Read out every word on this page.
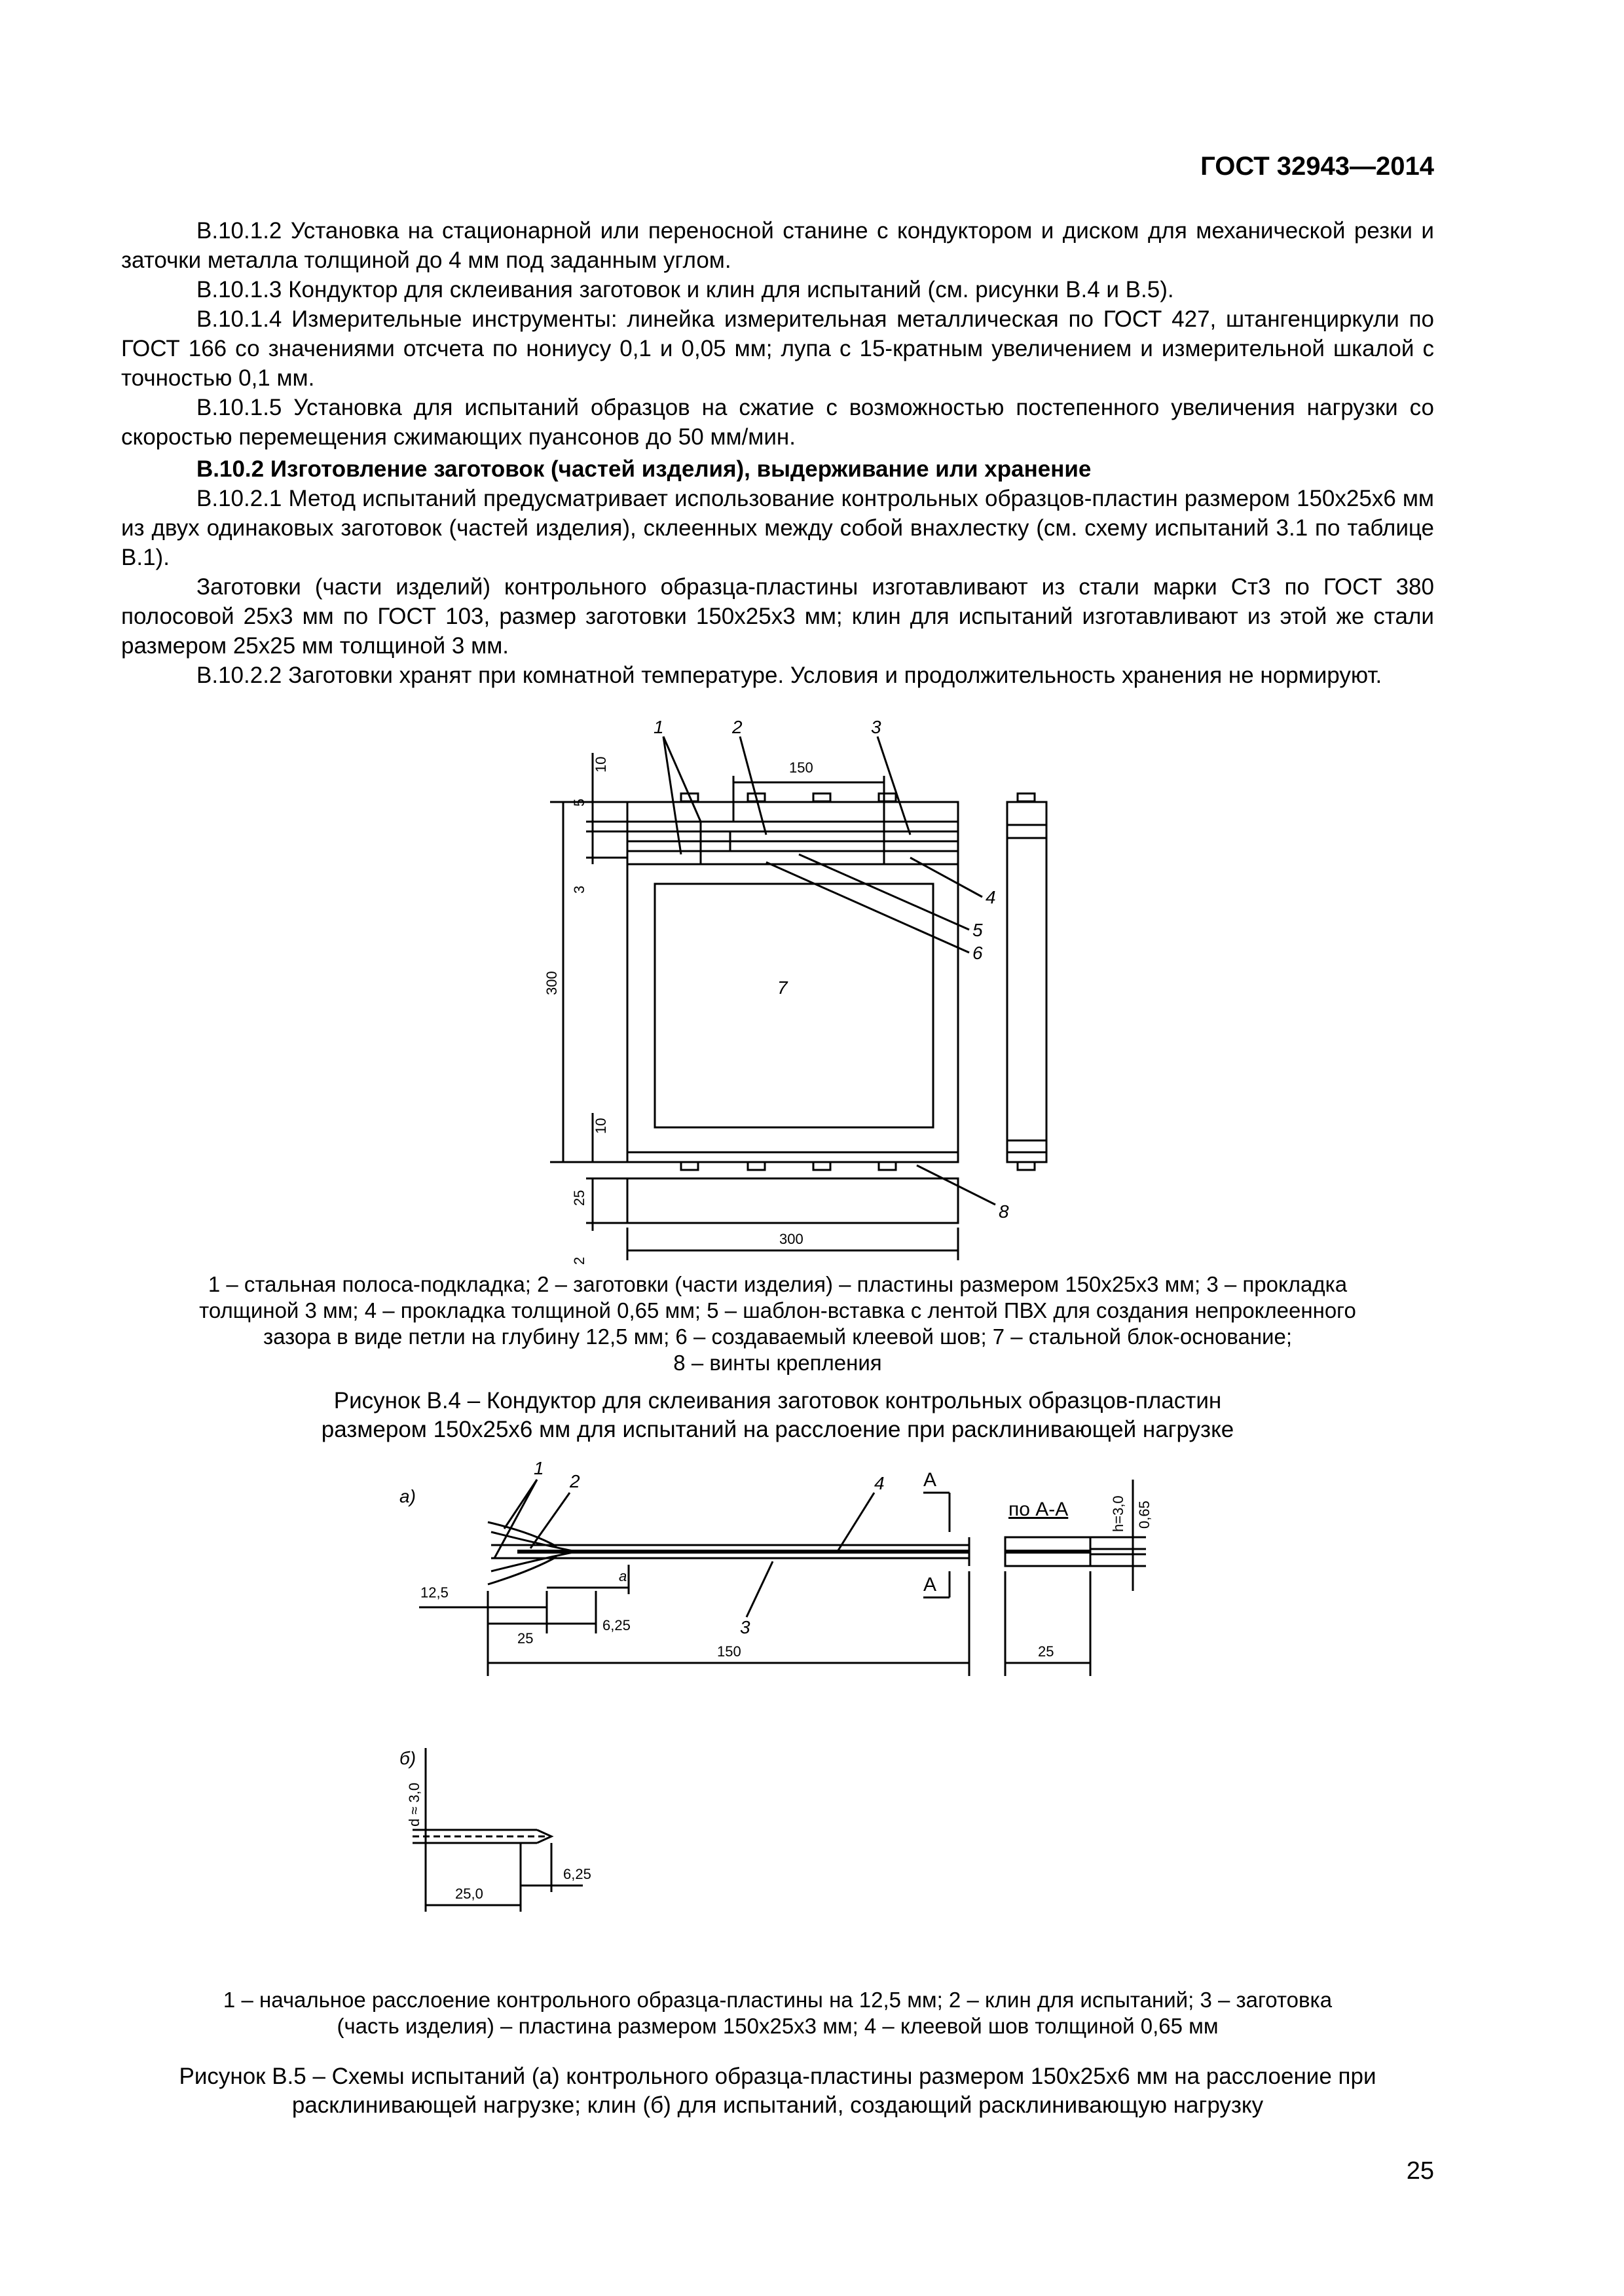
ГОСТ 32943—2014

В.10.1.2 Установка на стационарной или переносной станине с кондуктором и диском для механической резки и заточки металла толщиной до 4 мм под заданным углом.

В.10.1.3 Кондуктор для склеивания заготовок и клин для испытаний (см. рисунки В.4 и В.5).

В.10.1.4 Измерительные инструменты: линейка измерительная металлическая по ГОСТ 427, штангенциркули по ГОСТ 166 со значениями отсчета по нониусу 0,1 и 0,05 мм; лупа с 15-кратным увеличением и измерительной шкалой с точностью 0,1 мм.

В.10.1.5 Установка для испытаний образцов на сжатие с возможностью постепенного увеличения нагрузки со скоростью перемещения сжимающих пуансонов до 50 мм/мин.

В.10.2 Изготовление заготовок (частей изделия), выдерживание или хранение

В.10.2.1 Метод испытаний предусматривает использование контрольных образцов-пластин размером 150х25х6 мм из двух одинаковых заготовок (частей изделия), склеенных между собой внахлестку (см. схему испытаний 3.1 по таблице В.1).

Заготовки (части изделий) контрольного образца-пластины изготавливают из стали марки Ст3 по ГОСТ 380 полосовой 25х3 мм по ГОСТ 103, размер заготовки 150х25х3 мм; клин для испытаний изготавливают из этой же стали размером 25х25 мм толщиной 3 мм.

В.10.2.2 Заготовки хранят при комнатной температуре. Условия и продолжительность хранения не нормируют.

1	2	3
4
5
6
7
8
150
10
5
3
300
10
25
2
300
1 – стальная полоса-подкладка; 2 – заготовки (части изделия) – пластины размером 150х25х3 мм; 3 – прокладка
толщиной 3 мм; 4 – прокладка толщиной 0,65 мм; 5 – шаблон-вставка с лентой ПВХ для создания непроклеенного
зазора в виде петли на глубину 12,5 мм; 6 – создаваемый клеевой шов; 7 – стальной блок-основание;
8 – винты крепления
Рисунок В.4 – Кондуктор для склеивания заготовок контрольных образцов-пластин
размером 150х25х6 мм для испытаний на расслоение при расклинивающей нагрузке
а)
б)
1
2
3
4 А
А
по А-А
12,5
a
25
6,25
150	25
h=3,0 0,65
d ≈ 3,0
6,25
25,0
1 – начальное расслоение контрольного образца-пластины на 12,5 мм; 2 – клин для испытаний; 3 – заготовка
(часть изделия) – пластина размером 150х25х3 мм; 4 – клеевой шов толщиной 0,65 мм
Рисунок В.5 – Схемы испытаний (а) контрольного образца-пластины размером 150х25х6 мм на расслоение при
расклинивающей нагрузке; клин (б) для испытаний, создающий расклинивающую нагрузку
25
